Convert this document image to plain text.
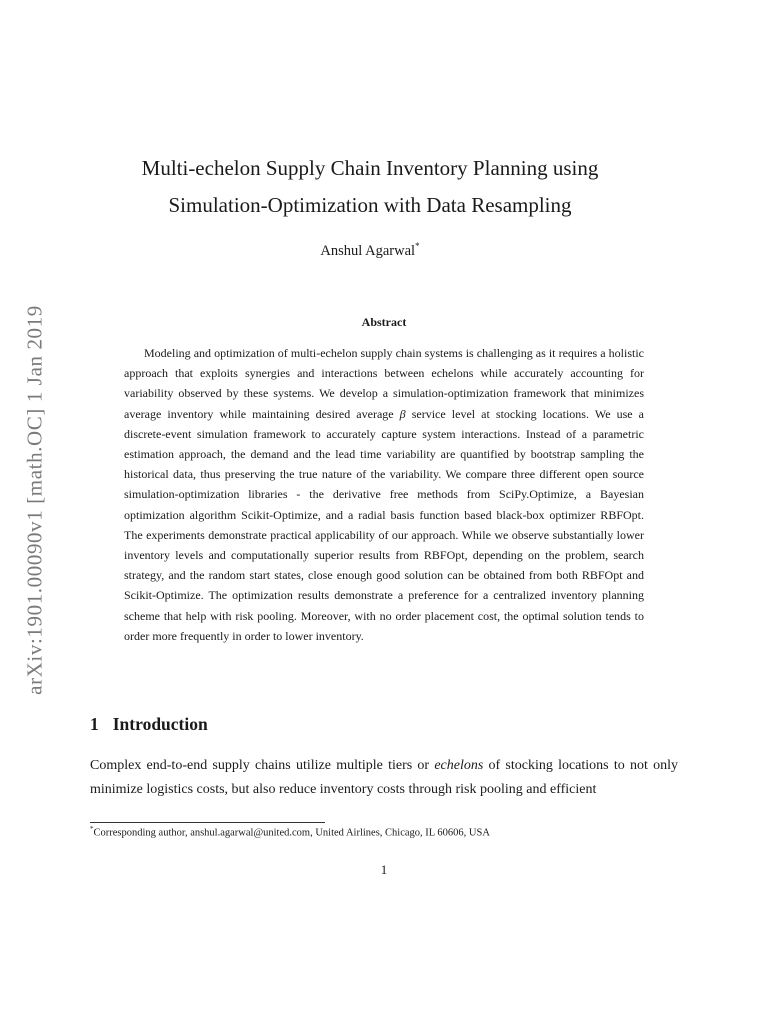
arXiv:1901.00090v1 [math.OC] 1 Jan 2019
Multi-echelon Supply Chain Inventory Planning using
Simulation-Optimization with Data Resampling
Anshul Agarwal*
Abstract

Modeling and optimization of multi-echelon supply chain systems is challenging as it requires a holistic approach that exploits synergies and interactions between echelons while accurately accounting for variability observed by these systems. We develop a simulation-optimization framework that minimizes average inventory while maintaining desired average β service level at stocking locations. We use a discrete-event simulation framework to accurately capture system interactions. Instead of a parametric estimation approach, the demand and the lead time variability are quantified by bootstrap sampling the historical data, thus preserving the true nature of the variability. We compare three different open source simulation-optimization libraries - the derivative free methods from SciPy.Optimize, a Bayesian optimization algorithm Scikit-Optimize, and a radial basis function based black-box optimizer RBFOpt. The experiments demonstrate practical applicability of our approach. While we observe substantially lower inventory levels and computationally superior results from RBFOpt, depending on the problem, search strategy, and the random start states, close enough good solution can be obtained from both RBFOpt and Scikit-Optimize. The optimization results demonstrate a preference for a centralized inventory planning scheme that help with risk pooling. Moreover, with no order placement cost, the optimal solution tends to order more frequently in order to lower inventory.

1 Introduction

Complex end-to-end supply chains utilize multiple tiers or echelons of stocking locations to not only minimize logistics costs, but also reduce inventory costs through risk pooling and efficient

*Corresponding author, anshul.agarwal@united.com, United Airlines, Chicago, IL 60606, USA
1
